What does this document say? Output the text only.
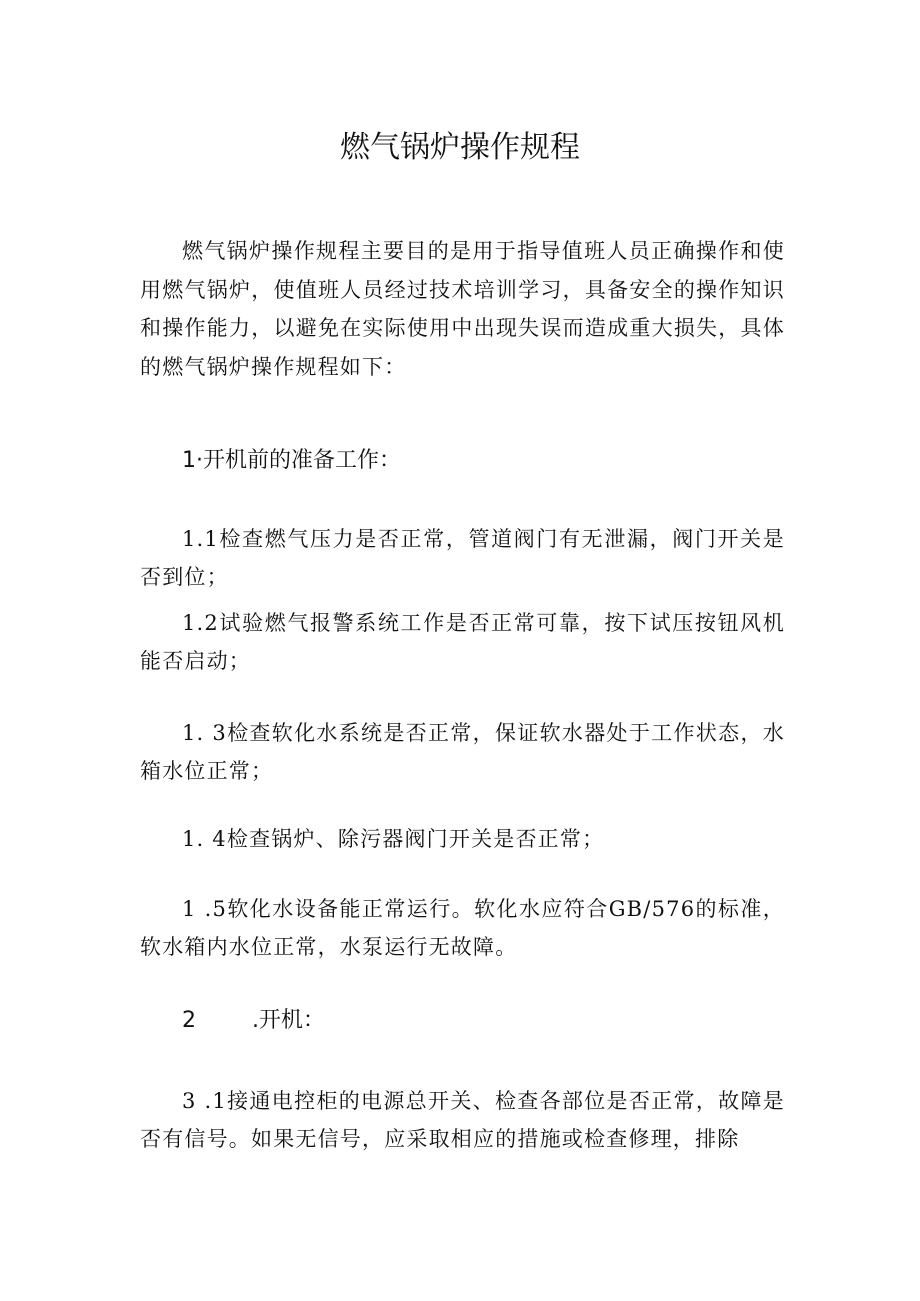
燃气锅炉操作规程

燃气锅炉操作规程主要目的是用于指导值班人员正确操作和使用燃气锅炉，使值班人员经过技术培训学习，具备安全的操作知识和操作能力，以避免在实际使用中出现失误而造成重大损失，具体的燃气锅炉操作规程如下：

1·开机前的准备工作：

1.1检查燃气压力是否正常，管道阀门有无泄漏，阀门开关是否到位；

1.2试验燃气报警系统工作是否正常可靠，按下试压按钮风机能否启动；

1. 3检查软化水系统是否正常，保证软水器处于工作状态，水箱水位正常；

1. 4检查锅炉、除污器阀门开关是否正常；

1 .5软化水设备能正常运行。软化水应符合GB/576的标准，软水箱内水位正常，水泵运行无故障。

2        .开机：

3 .1接通电控柜的电源总开关、检查各部位是否正常，故障是否有信号。如果无信号，应采取相应的措施或检查修理，排除
